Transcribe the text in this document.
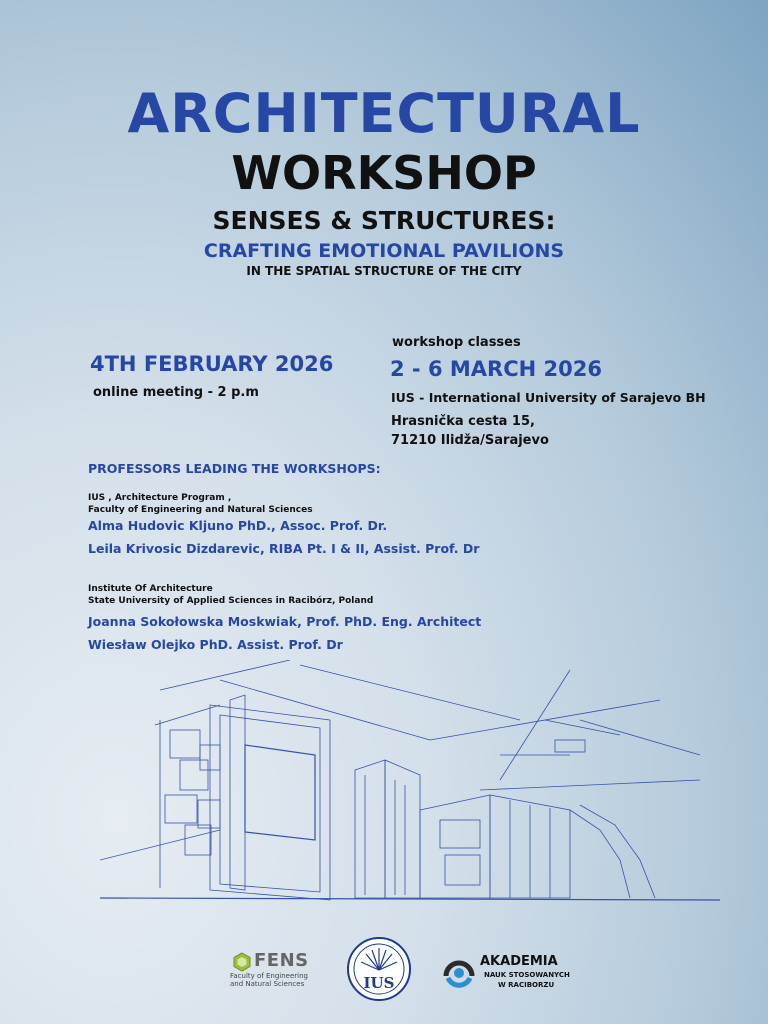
ARCHITECTURAL
WORKSHOP
SENSES & STRUCTURES:
CRAFTING EMOTIONAL PAVILIONS
IN THE SPATIAL STRUCTURE OF THE CITY
4TH FEBRUARY 2026
online meeting - 2 p.m
workshop classes
2 - 6 MARCH 2026
IUS - International University of Sarajevo BH
Hrasnička cesta 15,
71210 Ilidža/Sarajevo
PROFESSORS LEADING THE WORKSHOPS:
IUS , Architecture Program ,
Faculty of Engineering and Natural Sciences
Alma Hudovic Kljuno PhD., Assoc. Prof. Dr.
Leila Krivosic Dizdarevic, RIBA Pt. I & II, Assist. Prof. Dr
Institute Of Architecture
State University of Applied Sciences in Racibórz, Poland
Joanna Sokołowska Moskwiak, Prof. PhD. Eng. Architect
Wiesław Olejko PhD. Assist. Prof. Dr
FENS
Faculty of Engineering
and Natural Sciences	IUS
AKADEMIA
NAUK STOSOWANYCH
W RACIBORZU
